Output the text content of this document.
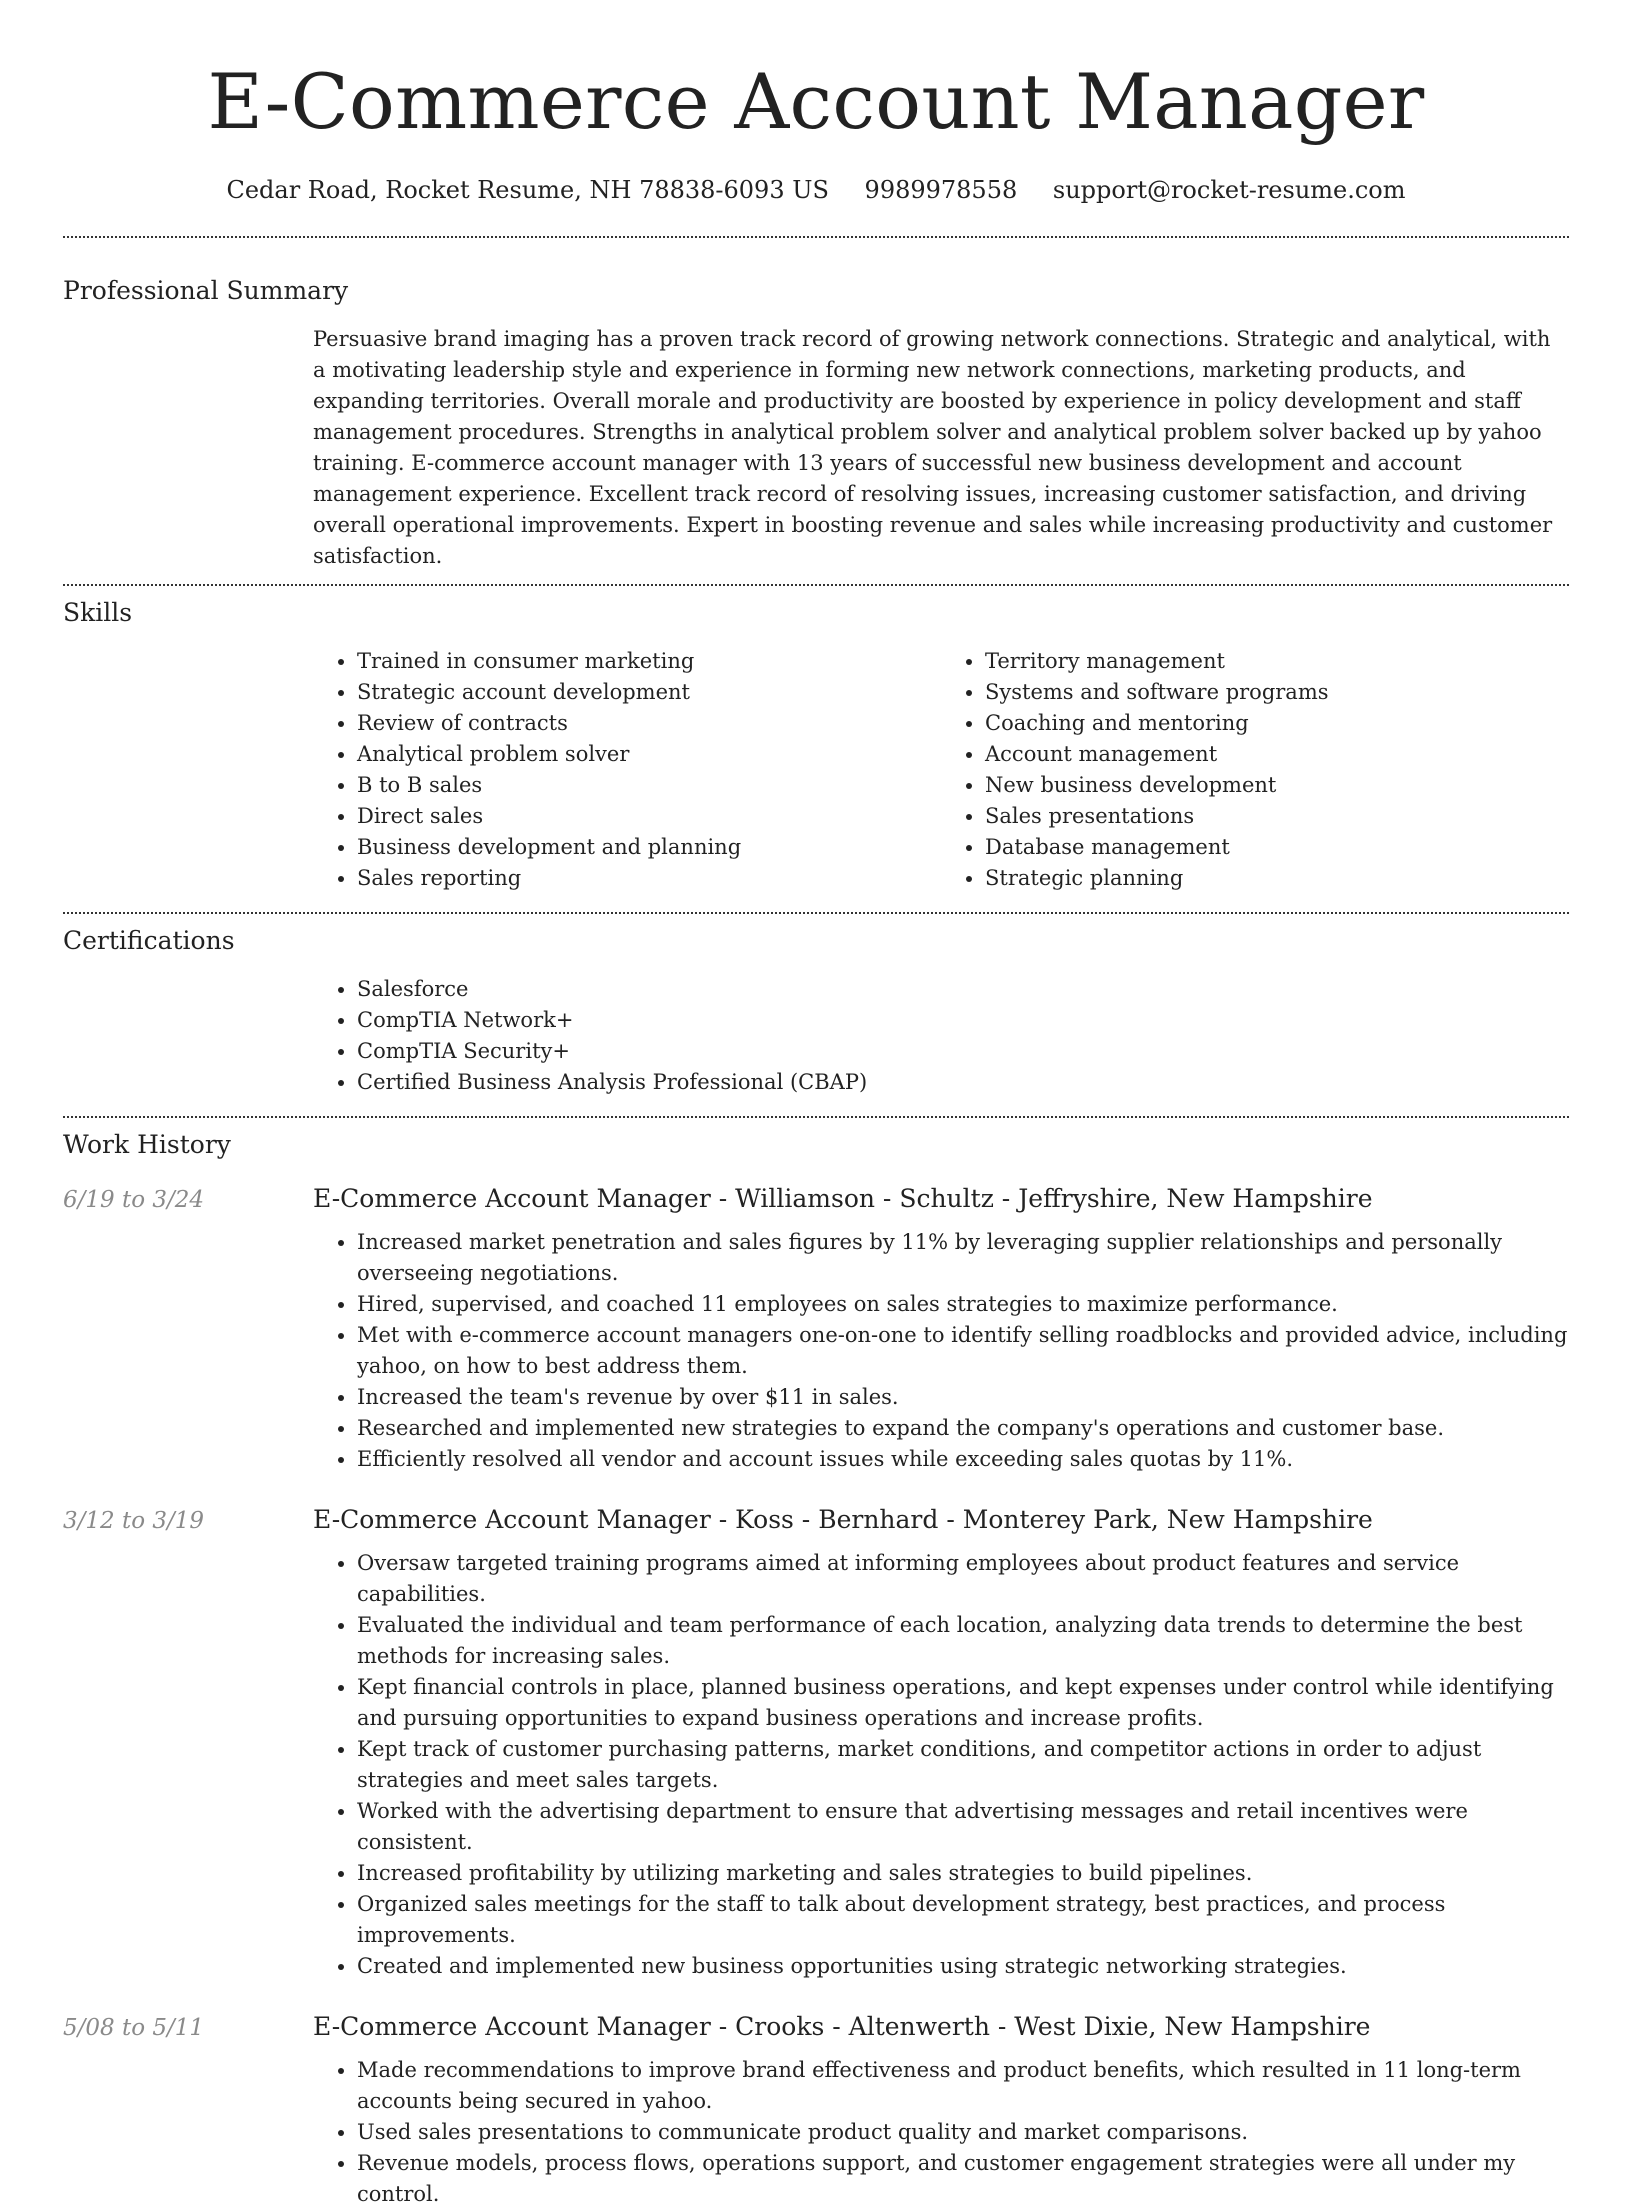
E-Commerce Account Manager
Cedar Road, Rocket Resume, NH 78838-6093 US 9989978558 support@rocket-resume.com
Professional Summary

Persuasive brand imaging has a proven track record of growing network connections. Strategic and analytical, with a motivating leadership style and experience in forming new network connections, marketing products, and expanding territories. Overall morale and productivity are boosted by experience in policy development and staff management procedures. Strengths in analytical problem solver and analytical problem solver backed up by yahoo training. E-commerce account manager with 13 years of successful new business development and account management experience. Excellent track record of resolving issues, increasing customer satisfaction, and driving overall operational improvements. Expert in boosting revenue and sales while increasing productivity and customer satisfaction.

Skills
• Trained in consumer marketing
• Strategic account development
• Review of contracts
• Analytical problem solver
• B to B sales
• Direct sales
• Business development and planning
• Sales reporting
• Territory management
• Systems and software programs
• Coaching and mentoring
• Account management
• New business development
• Sales presentations
• Database management
• Strategic planning
Certifications
• Salesforce
• CompTIA Network+
• CompTIA Security+
• Certified Business Analysis Professional (CBAP)
Work History
6/19 to 3/24	E-Commerce Account Manager - Williamson - Schultz - Jeffryshire, New Hampshire
• Increased market penetration and sales figures by 11% by leveraging supplier relationships and personally overseeing negotiations.
• Hired, supervised, and coached 11 employees on sales strategies to maximize performance.
• Met with e-commerce account managers one-on-one to identify selling roadblocks and provided advice, including yahoo, on how to best address them.
• Increased the team's revenue by over $11 in sales.
• Researched and implemented new strategies to expand the company's operations and customer base.
• Efficiently resolved all vendor and account issues while exceeding sales quotas by 11%.
3/12 to 3/19	E-Commerce Account Manager - Koss - Bernhard - Monterey Park, New Hampshire
• Oversaw targeted training programs aimed at informing employees about product features and service capabilities.
• Evaluated the individual and team performance of each location, analyzing data trends to determine the best methods for increasing sales.
• Kept financial controls in place, planned business operations, and kept expenses under control while identifying and pursuing opportunities to expand business operations and increase profits.
• Kept track of customer purchasing patterns, market conditions, and competitor actions in order to adjust strategies and meet sales targets.
• Worked with the advertising department to ensure that advertising messages and retail incentives were consistent.
• Increased profitability by utilizing marketing and sales strategies to build pipelines.
• Organized sales meetings for the staff to talk about development strategy, best practices, and process improvements.
• Created and implemented new business opportunities using strategic networking strategies.
5/08 to 5/11	E-Commerce Account Manager - Crooks - Altenwerth - West Dixie, New Hampshire
• Made recommendations to improve brand effectiveness and product benefits, which resulted in 11 long-term accounts being secured in yahoo.
• Used sales presentations to communicate product quality and market comparisons.
• Revenue models, process flows, operations support, and customer engagement strategies were all under my control.
